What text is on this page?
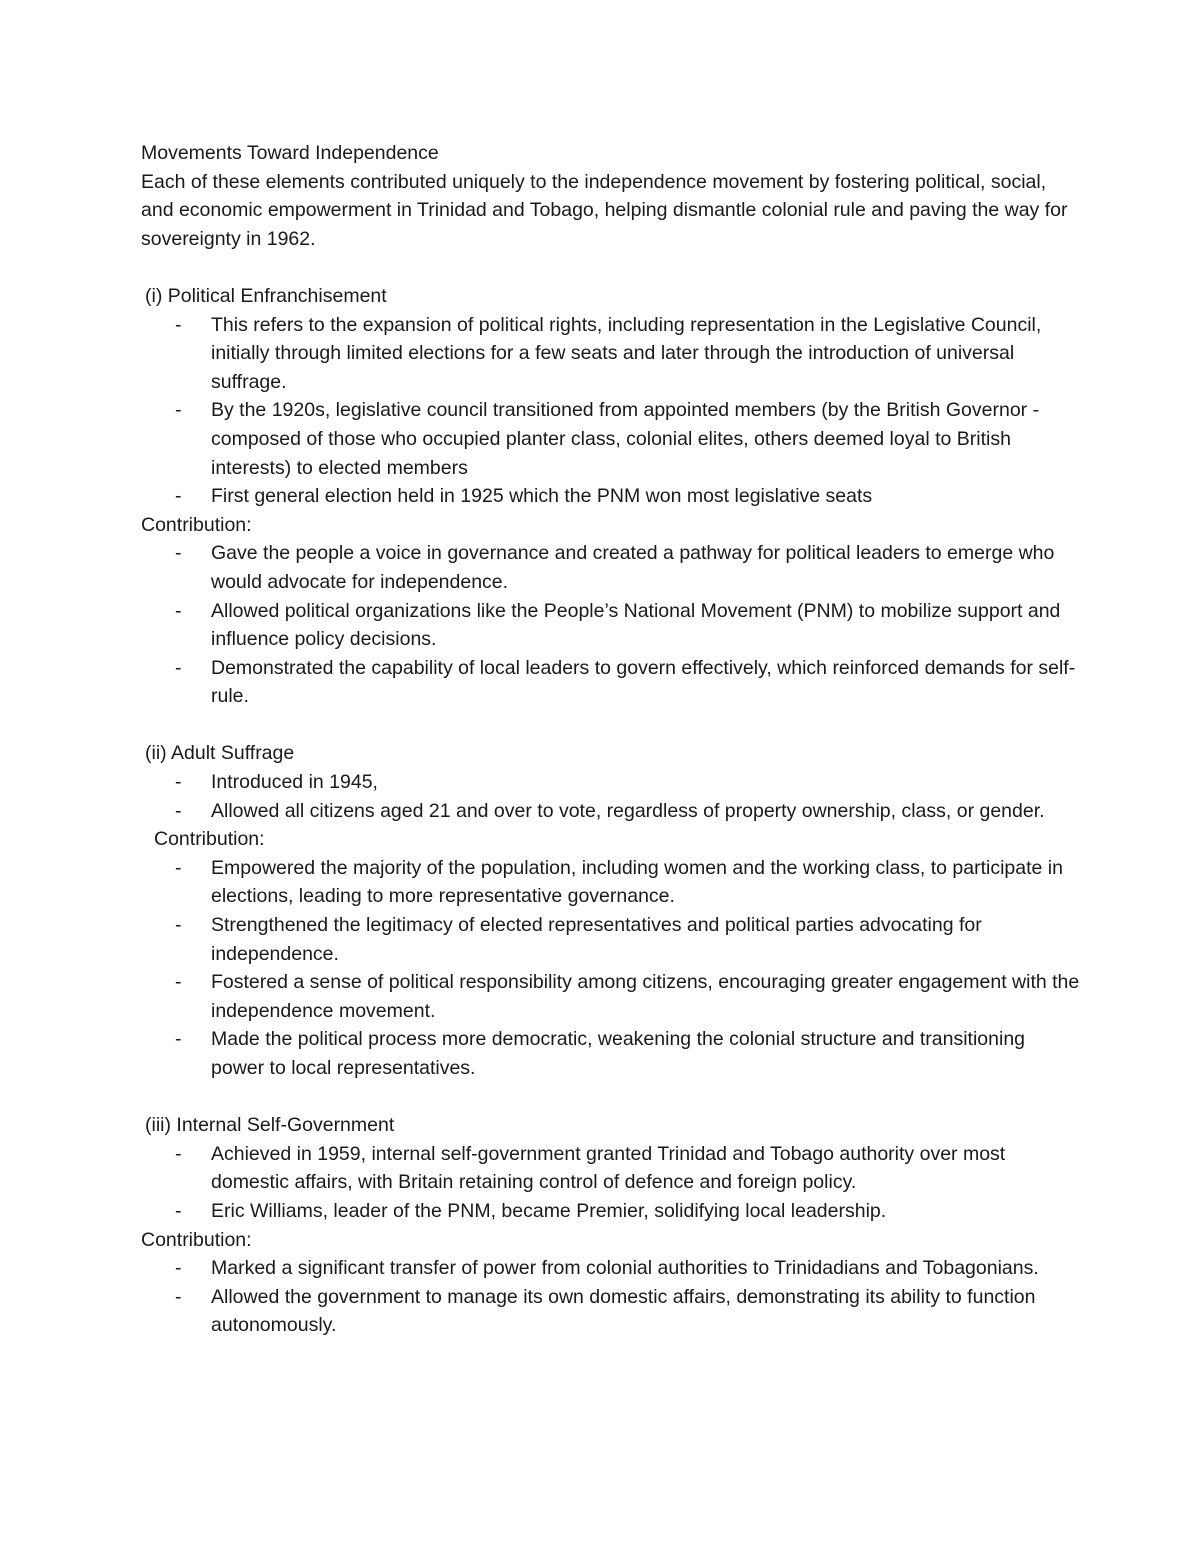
Movements Toward Independence
Each of these elements contributed uniquely to the independence movement by fostering political, social, and economic empowerment in Trinidad and Tobago, helping dismantle colonial rule and paving the way for sovereignty in 1962.
(i) Political Enfranchisement
- This refers to the expansion of political rights, including representation in the Legislative Council, initially through limited elections for a few seats and later through the introduction of universal suffrage.
- By the 1920s, legislative council transitioned from appointed members (by the British Governor - composed of those who occupied planter class, colonial elites, others deemed loyal to British interests) to elected members
- First general election held in 1925 which the PNM won most legislative seats
Contribution:
- Gave the people a voice in governance and created a pathway for political leaders to emerge who would advocate for independence.
- Allowed political organizations like the People’s National Movement (PNM) to mobilize support and influence policy decisions.
- Demonstrated the capability of local leaders to govern effectively, which reinforced demands for self-rule.
(ii) Adult Suffrage
- Introduced in 1945,
- Allowed all citizens aged 21 and over to vote, regardless of property ownership, class, or gender.
Contribution:
- Empowered the majority of the population, including women and the working class, to participate in elections, leading to more representative governance.
- Strengthened the legitimacy of elected representatives and political parties advocating for independence.
- Fostered a sense of political responsibility among citizens, encouraging greater engagement with the independence movement.
- Made the political process more democratic, weakening the colonial structure and transitioning power to local representatives.
(iii) Internal Self-Government
- Achieved in 1959, internal self-government granted Trinidad and Tobago authority over most domestic affairs, with Britain retaining control of defence and foreign policy.
- Eric Williams, leader of the PNM, became Premier, solidifying local leadership.
Contribution:
- Marked a significant transfer of power from colonial authorities to Trinidadians and Tobagonians.
- Allowed the government to manage its own domestic affairs, demonstrating its ability to function autonomously.
